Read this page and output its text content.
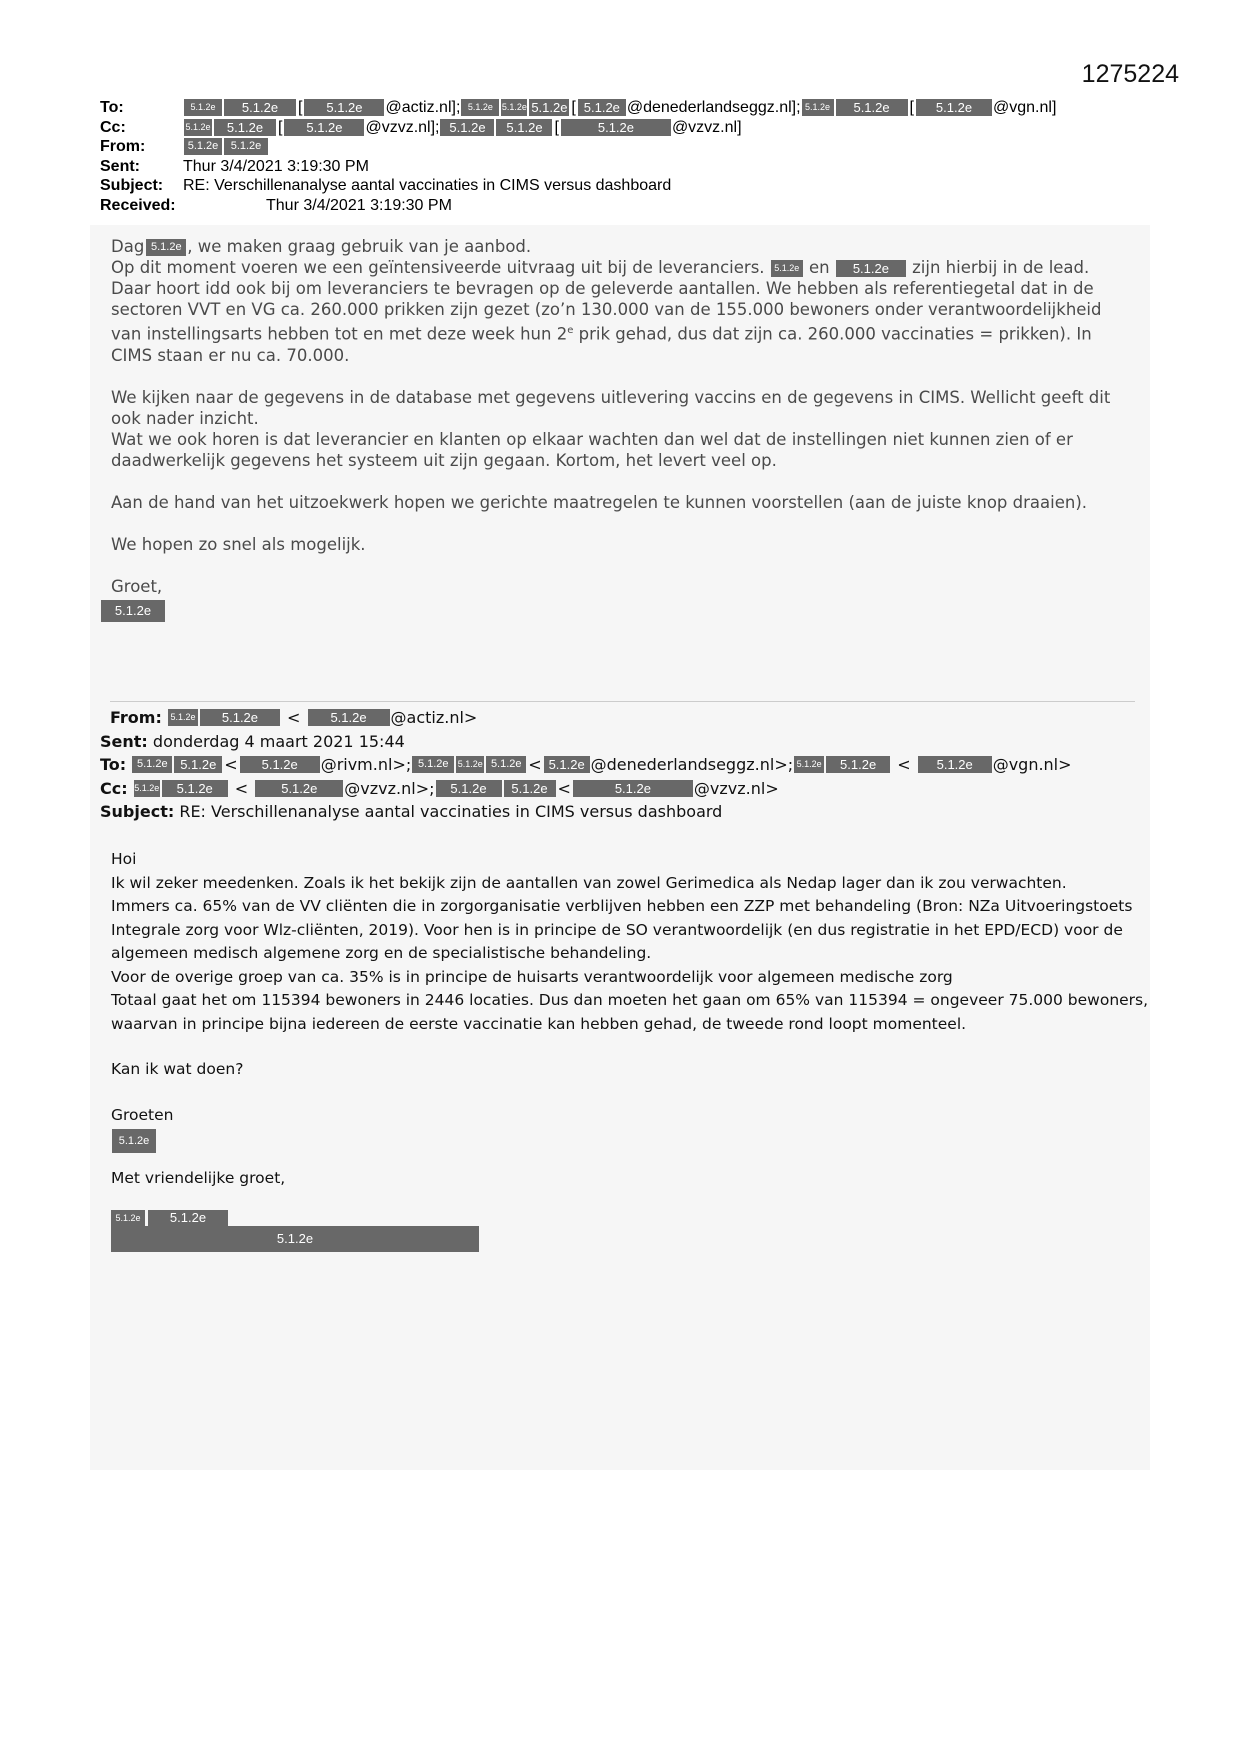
1275224
To:	5.1.2e	5.1.2e	[	5.1.2e	@actiz.nl]; 5.1.2e 5.1.2e 5.1.2e [ 5.1.2e @denederlandseggz.nl]; 5.1.2e	5.1.2e	[	5.1.2e	@vgn.nl]
Cc:	5.1.2e	5.1.2e [	5.1.2e	@vzvz.nl]; 5.1.2e	5.1.2e [	5.1.2e	@vzvz.nl]
From:	5.1.2e	5.1.2e
Sent:	Thur 3/4/2021 3:19:30 PM
Subject:	RE: Verschillenanalyse aantal vaccinaties in CIMS versus dashboard
Received:	Thur 3/4/2021 3:19:30 PM

Dag 5.1.2e , we maken graag gebruik van je aanbod.

Op dit moment voeren we een geïntensiveerde uitvraag uit bij de leveranciers. 5.1.2e en 5.1.2e zijn hierbij in de lead. Daar hoort idd ook bij om leveranciers te bevragen op de geleverde aantallen. We hebben als referentiegetal dat in de sectoren VVT en VG ca. 260.000 prikken zijn gezet (zo’n 130.000 van de 155.000 bewoners onder verantwoordelijkheid van instellingsarts hebben tot en met deze week hun 2e prik gehad, dus dat zijn ca. 260.000 vaccinaties = prikken). In CIMS staan er nu ca. 70.000.

We kijken naar de gegevens in de database met gegevens uitlevering vaccins en de gegevens in CIMS. Wellicht geeft dit ook nader inzicht.
Wat we ook horen is dat leverancier en klanten op elkaar wachten dan wel dat de instellingen niet kunnen zien of er daadwerkelijk gegevens het systeem uit zijn gegaan. Kortom, het levert veel op.

Aan de hand van het uitzoekwerk hopen we gerichte maatregelen te kunnen voorstellen (aan de juiste knop draaien).

We hopen zo snel als mogelijk.

Groet,

5.1.2e
From:
5.1.2e	5.1.2e	<	5.1.2e	@actiz.nl>
Sent:
donderdag 4 maart 2021 15:44
To:
5.1.2e 5.1.2e <	5.1.2e	@rivm.nl>; 5.1.2e	5.1.2e 5.1.2e < 5.1.2e @denederlandseggz.nl>; 5.1.2e	5.1.2e <	5.1.2e	@vgn.nl>
Cc:
5.1.2e	5.1.2e	<	5.1.2e	@vzvz.nl>;	5.1.2e	5.1.2e <	5.1.2e	@vzvz.nl>
Subject:
RE: Verschillenanalyse aantal vaccinaties in CIMS versus dashboard

Hoi

Ik wil zeker meedenken. Zoals ik het bekijk zijn de aantallen van zowel Gerimedica als Nedap lager dan ik zou verwachten.

Immers ca. 65% van de VV cliënten die in zorgorganisatie verblijven hebben een ZZP met behandeling (Bron: NZa Uitvoeringstoets Integrale zorg voor Wlz-cliënten, 2019). Voor hen is in principe de SO verantwoordelijk (en dus registratie in het EPD/ECD) voor de algemeen medisch algemene zorg en de specialistische behandeling.

Voor de overige groep van ca. 35% is in principe de huisarts verantwoordelijk voor algemeen medische zorg

Totaal gaat het om 115394 bewoners in 2446 locaties. Dus dan moeten het gaan om 65% van 115394 = ongeveer 75.000 bewoners, waarvan in principe bijna iedereen de eerste vaccinatie kan hebben gehad, de tweede rond loopt momenteel.

Kan ik wat doen?

Groeten

5.1.2e

Met vriendelijke groet,

5.1.2e	5.1.2e
5.1.2e
